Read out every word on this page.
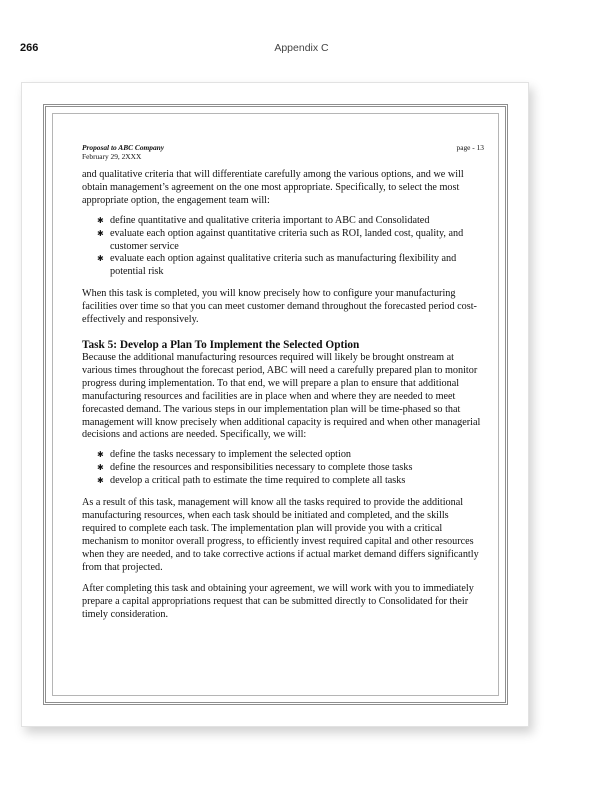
266	Appendix C
Proposal to ABC Company
February 29, 2XXX
page - 13

and qualitative criteria that will differentiate carefully among the various options, and we will obtain management’s agreement on the one most appropriate. Specifically, to select the most appropriate option, the engagement team will:

✱ define quantitative and qualitative criteria important to ABC and Consolidated
✱ evaluate each option against quantitative criteria such as ROI, landed cost, quality, and customer service
✱ evaluate each option against qualitative criteria such as manufacturing flexibility and potential risk

When this task is completed, you will know precisely how to configure your manufacturing facilities over time so that you can meet customer demand throughout the forecasted period cost-effectively and responsively.

Task 5: Develop a Plan To Implement the Selected Option

Because the additional manufacturing resources required will likely be brought onstream at various times throughout the forecast period, ABC will need a carefully prepared plan to monitor progress during implementation. To that end, we will prepare a plan to ensure that additional manufacturing resources and facilities are in place when and where they are needed to meet forecasted demand. The various steps in our implementation plan will be time-phased so that management will know precisely when additional capacity is required and when other managerial decisions and actions are needed. Specifically, we will:

✱ define the tasks necessary to implement the selected option
✱ define the resources and responsibilities necessary to complete those tasks
✱ develop a critical path to estimate the time required to complete all tasks

As a result of this task, management will know all the tasks required to provide the additional manufacturing resources, when each task should be initiated and completed, and the skills required to complete each task. The implementation plan will provide you with a critical mechanism to monitor overall progress, to efficiently invest required capital and other resources when they are needed, and to take corrective actions if actual market demand differs significantly from that projected.

After completing this task and obtaining your agreement, we will work with you to immediately prepare a capital appropriations request that can be submitted directly to Consolidated for their timely consideration.
